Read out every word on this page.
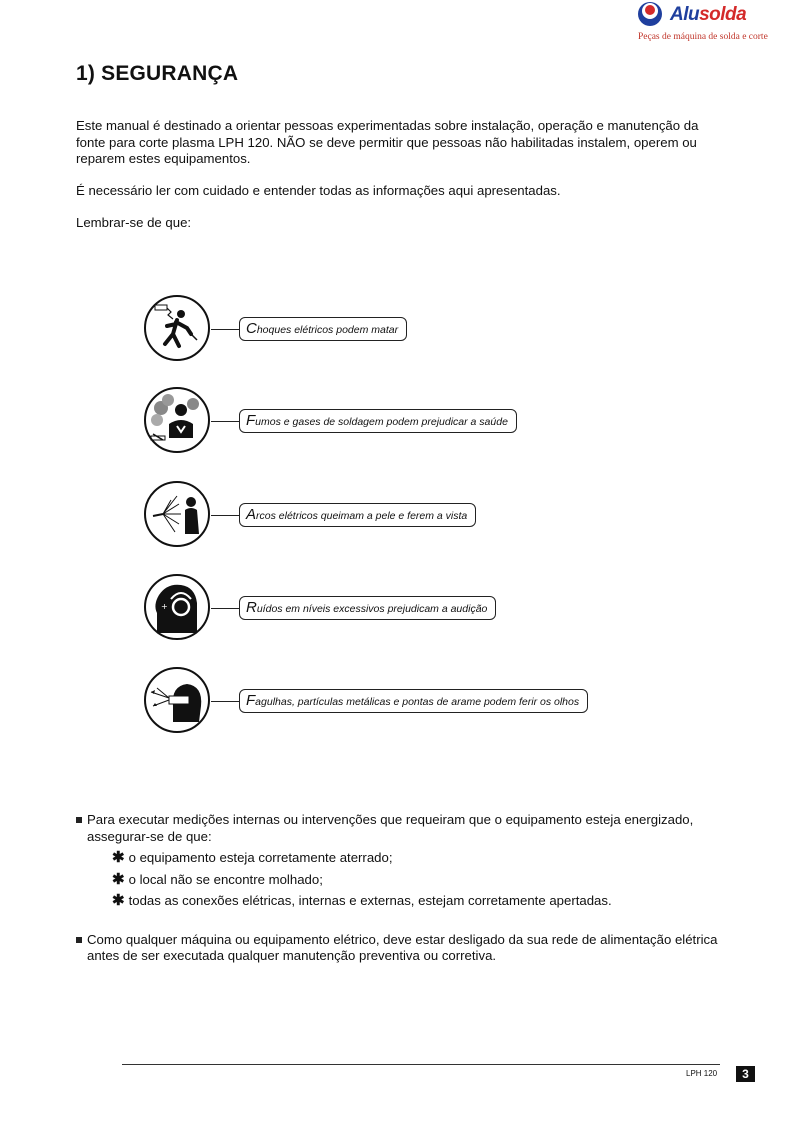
Alusolda
Peças de máquina de solda e corte
1) SEGURANÇA

Este manual é destinado a orientar pessoas experimentadas sobre instalação, operação e manutenção da fonte para corte plasma LPH 120. NÃO se deve permitir que pessoas não habilitadas instalem, operem ou reparem estes equipamentos.

É necessário ler com cuidado e entender todas as informações aqui apresentadas.

Lembrar-se de que:

Choques elétricos podem matar
Fumos e gases de soldagem podem prejudicar a saúde
Arcos elétricos queimam a pele e ferem a vista
+	Ruídos em níveis excessivos prejudicam a audição
Fagulhas, partículas metálicas e pontas de arame podem ferir os olhos
Para executar medições internas ou intervenções que requeiram que o equipamento esteja energizado, assegurar-se de que:
✱ o equipamento esteja corretamente aterrado;
✱ o local não se encontre molhado;
✱ todas as conexões elétricas, internas e externas, estejam corretamente apertadas.
Como qualquer máquina ou equipamento elétrico, deve estar desligado da sua rede de alimentação elétrica antes de ser executada qualquer manutenção preventiva ou corretiva.
LPH 120	3
